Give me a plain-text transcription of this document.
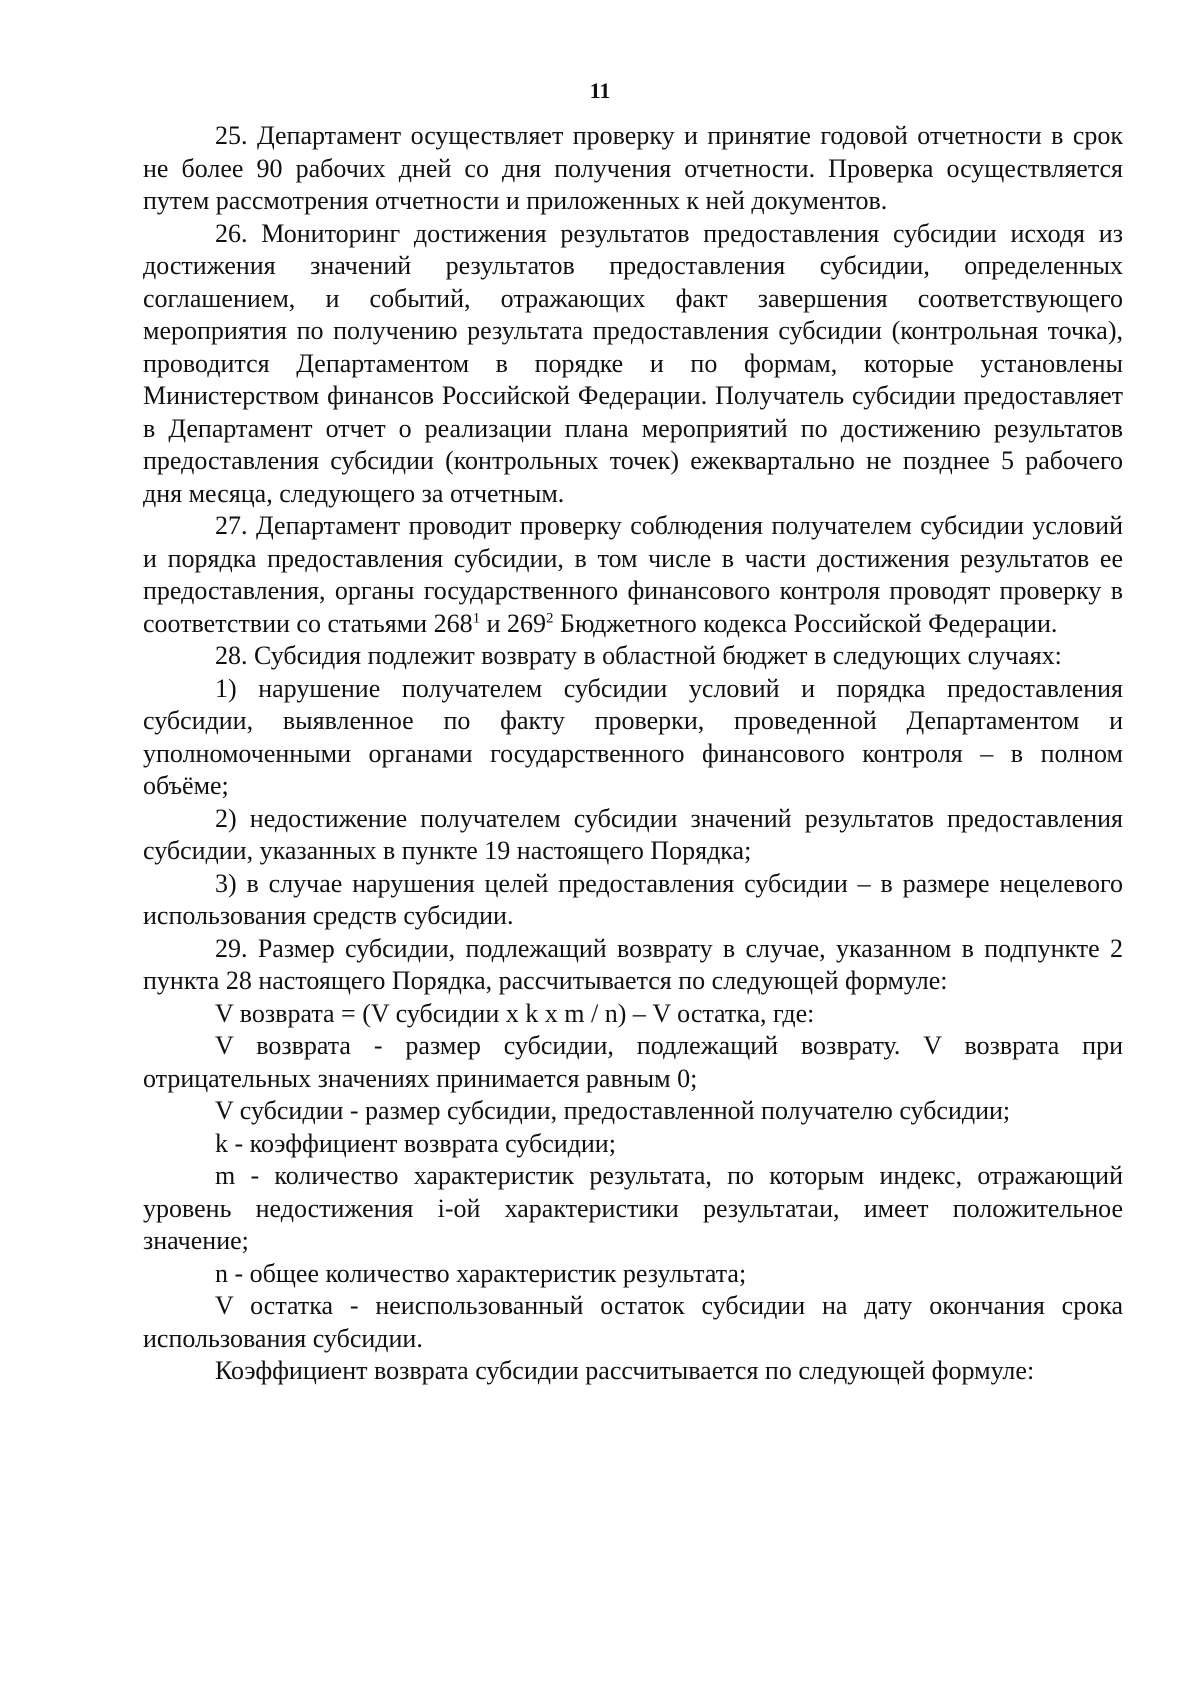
11

25. Департамент осуществляет проверку и принятие годовой отчетности в срок не более 90 рабочих дней со дня получения отчетности. Проверка осуществляется путем рассмотрения отчетности и приложенных к ней документов.

26. Мониторинг достижения результатов предоставления субсидии исходя из достижения значений результатов предоставления субсидии, определенных соглашением, и событий, отражающих факт завершения соответствующего мероприятия по получению результата предоставления субсидии (контрольная точка), проводится Департаментом в порядке и по формам, которые установлены Министерством финансов Российской Федерации. Получатель субсидии предоставляет в Департамент отчет о реализации плана мероприятий по достижению результатов предоставления субсидии (контрольных точек) ежеквартально не позднее 5 рабочего дня месяца, следующего за отчетным.

27. Департамент проводит проверку соблюдения получателем субсидии условий и порядка предоставления субсидии, в том числе в части достижения результатов ее предоставления, органы государственного финансового контроля проводят проверку в соответствии со статьями $268^1$ и $269^2$ Бюджетного кодекса Российской Федерации.

28. Субсидия подлежит возврату в областной бюджет в следующих случаях:

1) нарушение получателем субсидии условий и порядка предоставления субсидии, выявленное по факту проверки, проведенной Департаментом и уполномоченными органами государственного финансового контроля – в полном объёме;

2) недостижение получателем субсидии значений результатов предоставления субсидии, указанных в пункте 19 настоящего Порядка;

3) в случае нарушения целей предоставления субсидии – в размере нецелевого использования средств субсидии.

29. Размер субсидии, подлежащий возврату в случае, указанном в подпункте 2 пункта 28 настоящего Порядка, рассчитывается по следующей формуле:

V возврата = (V субсидии x k x m / n) – V остатка, где:

V возврата - размер субсидии, подлежащий возврату. V возврата при отрицательных значениях принимается равным 0;

V субсидии - размер субсидии, предоставленной получателю субсидии;

k - коэффициент возврата субсидии;

m - количество характеристик результата, по которым индекс, отражающий уровень недостижения i-ой характеристики результатаи, имеет положительное значение;

n - общее количество характеристик результата;

V остатка - неиспользованный остаток субсидии на дату окончания срока использования субсидии.

Коэффициент возврата субсидии рассчитывается по следующей формуле:
